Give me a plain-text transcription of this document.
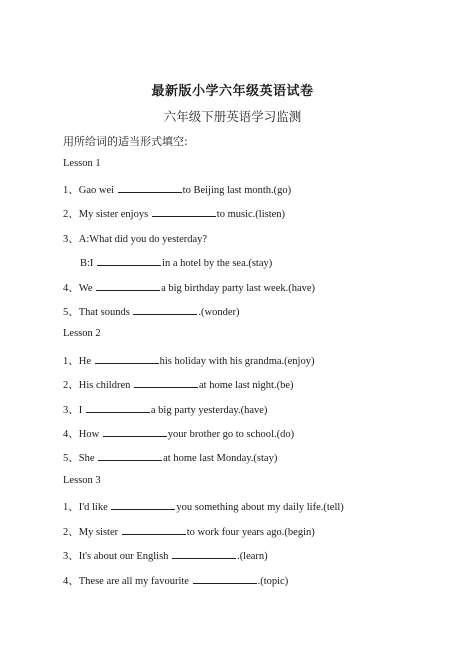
最新版小学六年级英语试卷
六年级下册英语学习监测
用所给词的适当形式填空:
Lesson 1
1、Gao wei	to Beijing last month.(go)
2、My sister enjoys	to music.(listen)
3、A:What did you do yesterday?
B:I	in a hotel by the sea.(stay)
4、We	a big birthday party last week.(have)
5、That sounds	.(wonder)
Lesson 2
1、He	his holiday with his grandma.(enjoy)
2、His children	at home last night.(be)
3、I	a big party yesterday.(have)
4、How	your brother go to school.(do)
5、She	at home last Monday.(stay)
Lesson 3
1、I'd like	you something about my daily life.(tell)
2、My sister	to work four years ago.(begin)
3、It's about our English	.(learn)
4、These are all my favourite	.(topic)
